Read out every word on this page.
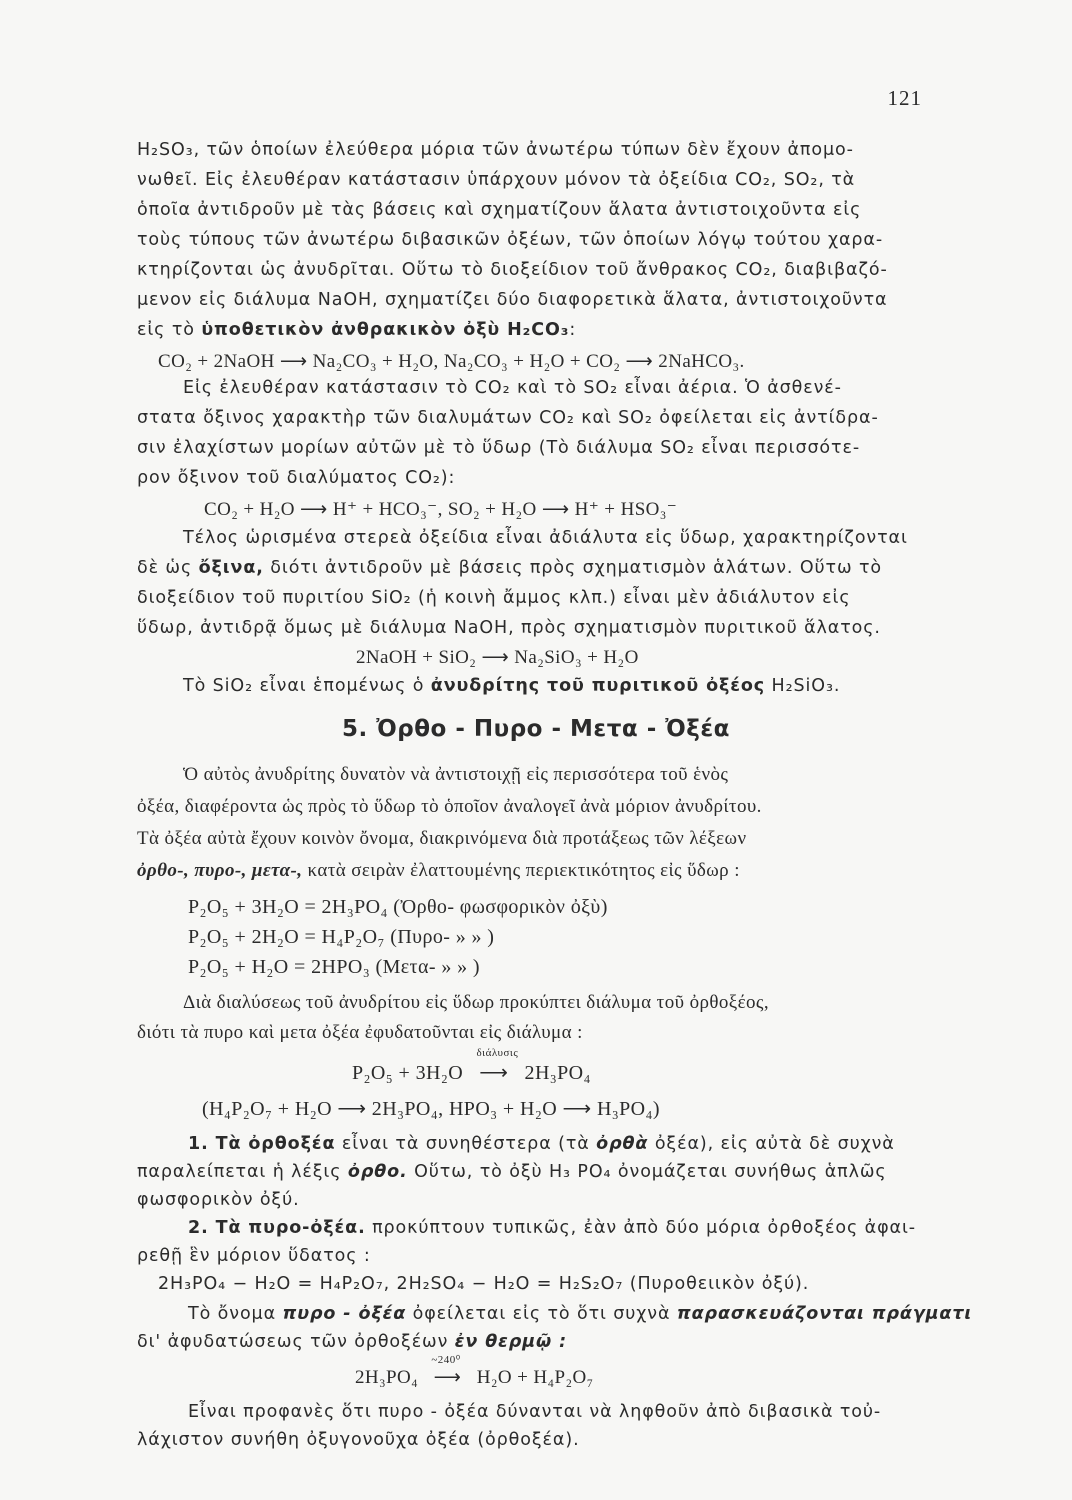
121
H₂SO₃, τῶν ὁποίων ἐλεύθερα μόρια τῶν ἀνωτέρω τύπων δὲν ἔχουν ἀπομο-
νωθεῖ. Εἰς ἐλευθέραν κατάστασιν ὑπάρχουν μόνον τὰ ὀξείδια CO₂, SO₂, τὰ
ὁποῖα ἀντιδροῦν μὲ τὰς βάσεις καὶ σχηματίζουν ἅλατα ἀντιστοιχοῦντα εἰς
τοὺς τύπους τῶν ἀνωτέρω διβασικῶν ὀξέων, τῶν ὁποίων λόγῳ τούτου χαρα-
κτηρίζονται ὡς ἀνυδρῖται. Οὕτω τὸ διοξείδιον τοῦ ἄνθρακος CO₂, διαβιβαζό-
μενον εἰς διάλυμα NaOH, σχηματίζει δύο διαφορετικὰ ἅλατα, ἀντιστοιχοῦντα
εἰς τὸ ὑποθετικὸν ἀνθρακικὸν ὀξὺ H₂CO₃:
CO₂ + 2NaOH ⟶ Na₂CO₃ + H₂O, Na₂CO₃ + H₂O + CO₂ ⟶ 2NaHCO₃.
Εἰς ἐλευθέραν κατάστασιν τὸ CO₂ καὶ τὸ SO₂ εἶναι ἀέρια. Ὁ ἀσθενέ-
στατα ὄξινος χαρακτὴρ τῶν διαλυμάτων CO₂ καὶ SO₂ ὀφείλεται εἰς ἀντίδρα-
σιν ἐλαχίστων μορίων αὐτῶν μὲ τὸ ὕδωρ (Τὸ διάλυμα SO₂ εἶναι περισσότε-
ρον ὄξινον τοῦ διαλύματος CO₂):
CO₂ + H₂O ⟶ H⁺ + HCO₃⁻, SO₂ + H₂O ⟶ H⁺ + HSO₃⁻
Τέλος ὡρισμένα στερεὰ ὀξείδια εἶναι ἀδιάλυτα εἰς ὕδωρ, χαρακτηρίζονται
δὲ ὡς ὄξινα, διότι ἀντιδροῦν μὲ βάσεις πρὸς σχηματισμὸν ἁλάτων. Οὕτω τὸ
διοξείδιον τοῦ πυριτίου SiO₂ (ἡ κοινὴ ἄμμος κλπ.) εἶναι μὲν ἀδιάλυτον εἰς
ὕδωρ, ἀντιδρᾷ ὅμως μὲ διάλυμα NaOH, πρὸς σχηματισμὸν πυριτικοῦ ἅλατος.
2NaOH + SiO₂ ⟶ Na₂SiO₃ + H₂O
Τὸ SiO₂ εἶναι ἑπομένως ὁ ἀνυδρίτης τοῦ πυριτικοῦ ὀξέος H₂SiO₃.
5. Ὀρθο - Πυρο - Μετα - Ὀξέα
Ὁ αὐτὸς ἀνυδρίτης δυνατὸν νὰ ἀντιστοιχῇ εἰς περισσότερα τοῦ ἑνὸς
ὀξέα, διαφέροντα ὡς πρὸς τὸ ὕδωρ τὸ ὁποῖον ἀναλογεῖ ἀνὰ μόριον ἀνυδρίτου.
Τὰ ὀξέα αὐτὰ ἔχουν κοινὸν ὄνομα, διακρινόμενα διὰ προτάξεως τῶν λέξεων
ὀρθο-, πυρο-, μετα-, κατὰ σειρὰν ἐλαττουμένης περιεκτικότητος εἰς ὕδωρ :
P₂O₅ + 3H₂O = 2H₃PO₄ (Ὀρθο- φωσφορικὸν ὀξὺ)
P₂O₅ + 2H₂O = H₄P₂O₇ (Πυρο- » » )
P₂O₅ + H₂O = 2HPO₃ (Μετα- » » )
Διὰ διαλύσεως τοῦ ἀνυδρίτου εἰς ὕδωρ προκύπτει διάλυμα τοῦ ὀρθοξέος,
διότι τὰ πυρο καὶ μετα ὀξέα ἐφυδατοῦνται εἰς διάλυμα :
P₂O₅ + 3H₂O
διάλυσις
⟶   2H₃PO₄
(H₄P₂O₇ + H₂O ⟶ 2H₃PO₄, HPO₃ + H₂O ⟶ H₃PO₄)
1. Τὰ ὀρθοξέα εἶναι τὰ συνηθέστερα (τὰ ὀρθὰ ὀξέα), εἰς αὐτὰ δὲ συχνὰ
παραλείπεται ἡ λέξις ὀρθο. Οὕτω, τὸ ὀξὺ H₃ PO₄ ὀνομάζεται συνήθως ἁπλῶς
φωσφορικὸν ὀξύ.
2. Τὰ πυρο-ὀξέα. προκύπτουν τυπικῶς, ἐὰν ἀπὸ δύο μόρια ὀρθοξέος ἀφαι-
ρεθῇ ἓν μόριον ὕδατος :
2H₃PO₄ − H₂O = H₄P₂O₇, 2H₂SO₄ − H₂O = H₂S₂O₇ (Πυροθειικὸν ὀξύ).
Τὸ ὄνομα πυρο - ὀξέα ὀφείλεται εἰς τὸ ὅτι συχνὰ παρασκευάζονται πράγματι
δι' ἀφυδατώσεως τῶν ὀρθοξέων ἐν θερμῷ :
2H₃PO₄
~240⁰
⟶   H₂O + H₄P₂O₇
Εἶναι προφανὲς ὅτι πυρο - ὀξέα δύνανται νὰ ληφθοῦν ἀπὸ διβασικὰ τοὐ-
λάχιστον συνήθη ὀξυγονοῦχα ὀξέα (ὀρθοξέα).
